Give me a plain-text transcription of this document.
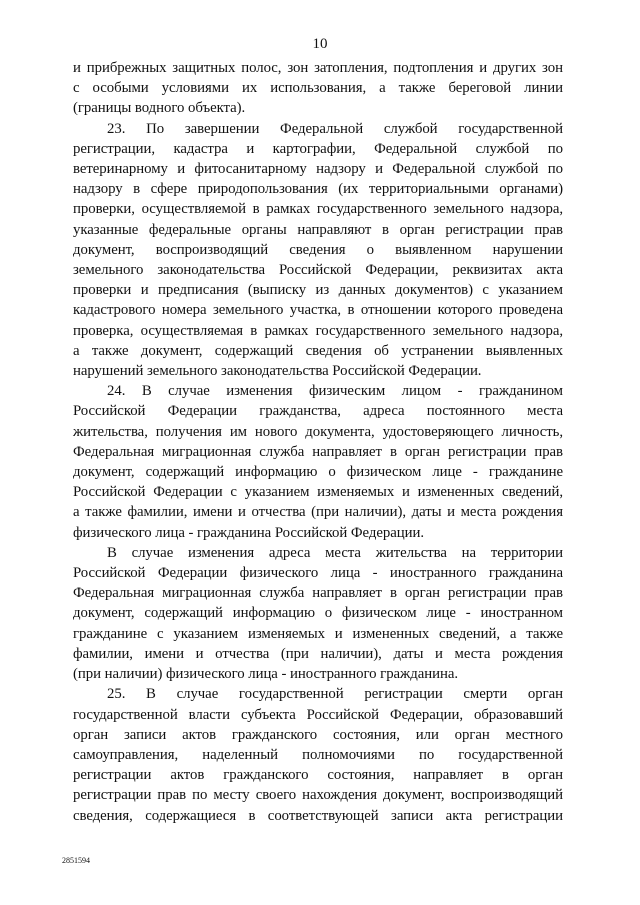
10
и прибрежных защитных полос, зон затопления, подтопления и других зон
с особыми условиями их использования, а также береговой линии
(границы водного объекта).
23. По завершении Федеральной службой государственной
регистрации, кадастра и картографии, Федеральной службой по
ветеринарному и фитосанитарному надзору и Федеральной службой по
надзору в сфере природопользования (их территориальными органами)
проверки, осуществляемой в рамках государственного земельного надзора,
указанные федеральные органы направляют в орган регистрации прав
документ, воспроизводящий сведения о выявленном нарушении
земельного законодательства Российской Федерации, реквизитах акта
проверки и предписания (выписку из данных документов) с указанием
кадастрового номера земельного участка, в отношении которого проведена
проверка, осуществляемая в рамках государственного земельного надзора,
а также документ, содержащий сведения об устранении выявленных
нарушений земельного законодательства Российской Федерации.
24. В случае изменения физическим лицом - гражданином
Российской Федерации гражданства, адреса постоянного места
жительства, получения им нового документа, удостоверяющего личность,
Федеральная миграционная служба направляет в орган регистрации прав
документ, содержащий информацию о физическом лице - гражданине
Российской Федерации с указанием изменяемых и измененных сведений,
а также фамилии, имени и отчества (при наличии), даты и места рождения
физического лица - гражданина Российской Федерации.
В случае изменения адреса места жительства на территории
Российской Федерации физического лица - иностранного гражданина
Федеральная миграционная служба направляет в орган регистрации прав
документ, содержащий информацию о физическом лице - иностранном
гражданине с указанием изменяемых и измененных сведений, а также
фамилии, имени и отчества (при наличии), даты и места рождения
(при наличии) физического лица - иностранного гражданина.
25. В случае государственной регистрации смерти орган
государственной власти субъекта Российской Федерации, образовавший
орган записи актов гражданского состояния, или орган местного
самоуправления, наделенный полномочиями по государственной
регистрации актов гражданского состояния, направляет в орган
регистрации прав по месту своего нахождения документ, воспроизводящий
сведения, содержащиеся в соответствующей записи акта регистрации
2851594
